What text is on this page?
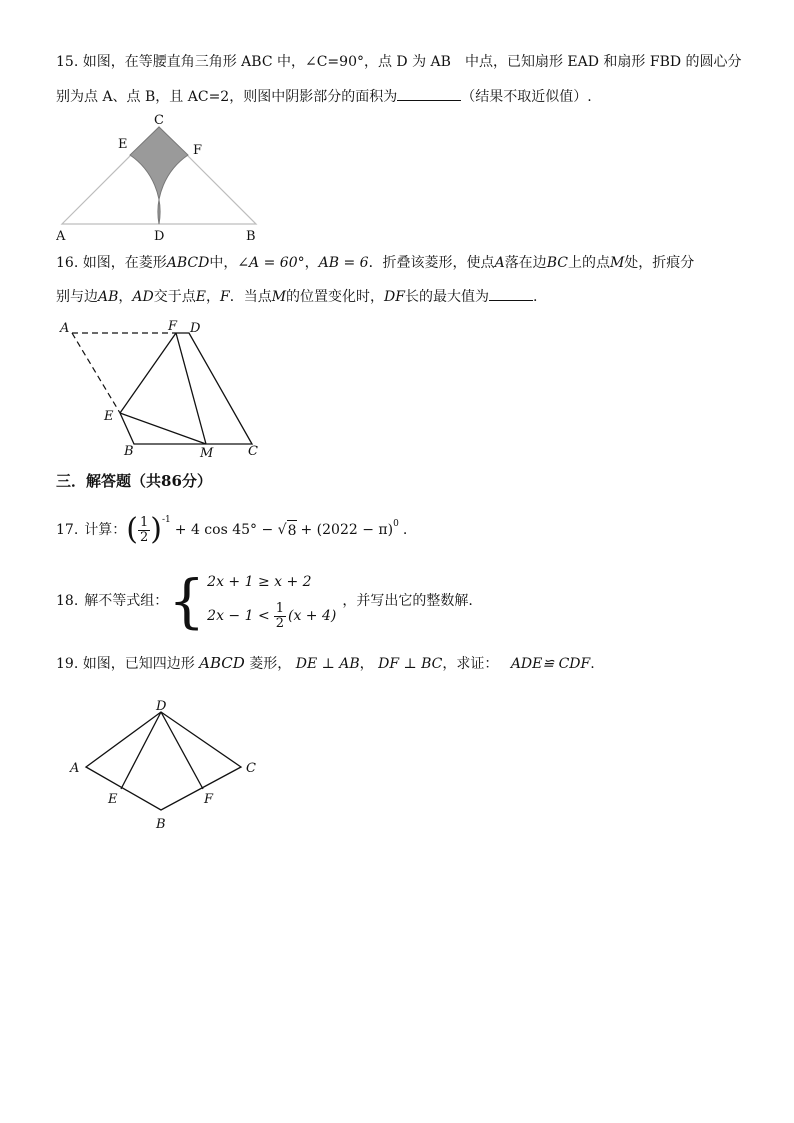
15. 如图，在等腰直角三角形 ABC 中，∠C=90°，点 D 为 AB　中点，已知扇形 EAD 和扇形 FBD 的圆心分
别为点 A、点 B，且 AC=2，则图中阴影部分的面积为	（结果不取近似值）.
A	D	B
C
E	F
16. 如图，在菱形ABCD中，∠A = 60°，AB = 6．折叠该菱形，使点A落在边BC上的点M处，折痕分
别与边AB，AD交于点E，F．当点M的位置变化时，DF长的最大值为	.
A	F D
E
B	M	C
三．解答题（共86分）
17. 计算： ( $\frac{1}{2}$ ) -1
+ 4 cos 45° − √ 8 + (2022 − π) 0 .
18. 解不等式组： { 2x + 1 ≥ x + 2
$2x - 1 < \frac{1}{2} (x + 4)$
，并写出它的整数解.
19. 如图，已知四边形 ABCD 菱形， DE ⊥ AB， DF ⊥ BC，求证： ADE≌ CDF.
D
A	C
E	F
B
